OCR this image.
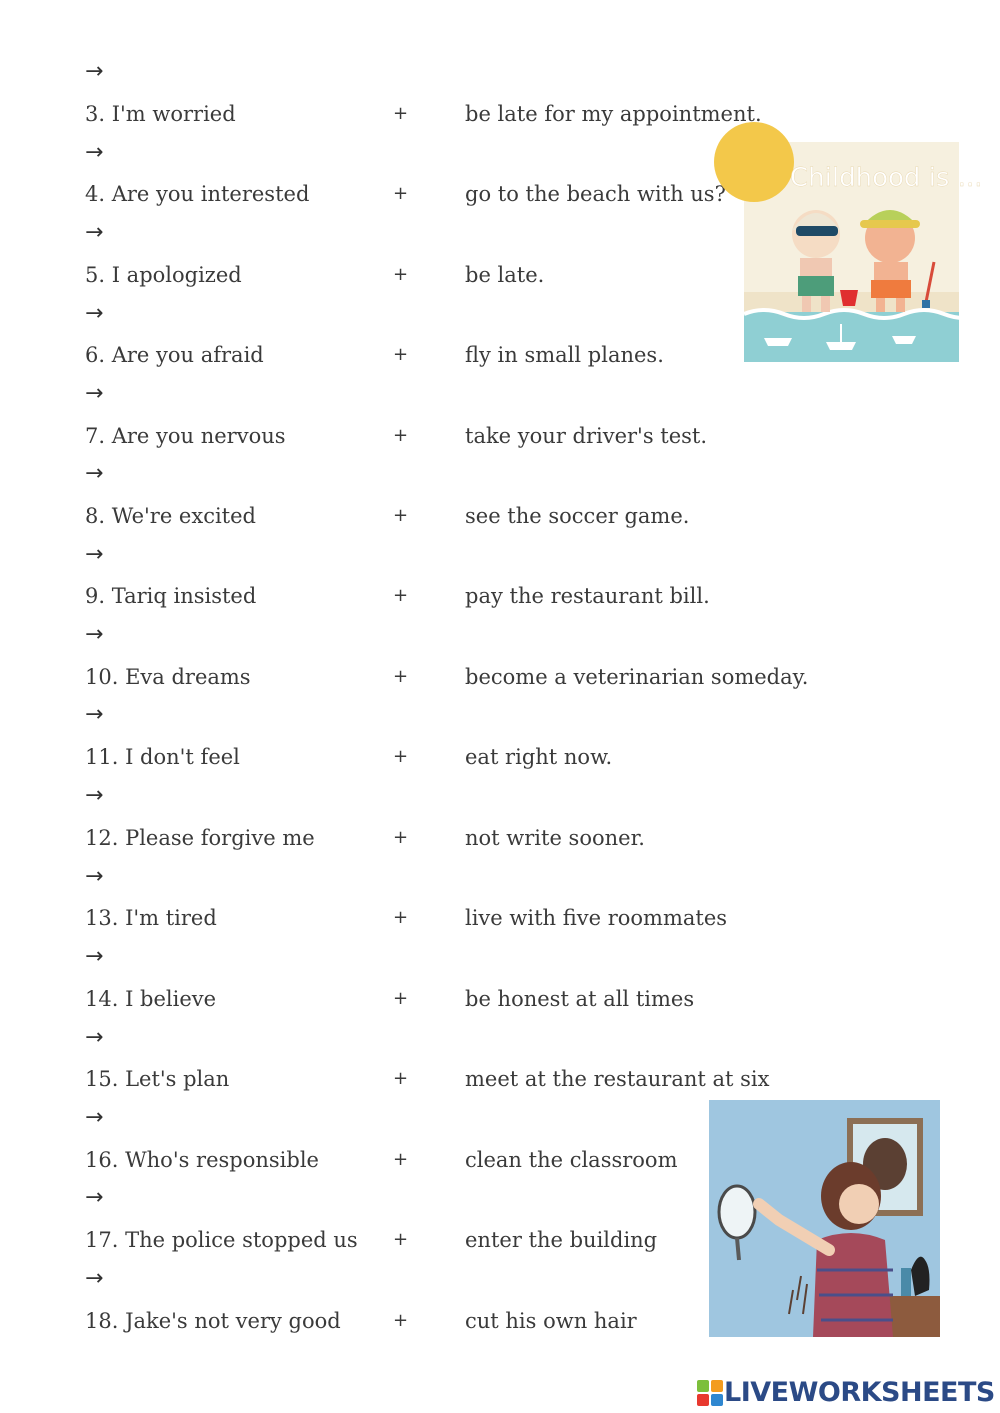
→
→
→
→
→
→
→
→
→
→
→
→
→
→
→
→
3. I'm worried	+	be late for my appointment.
4. Are you interested	+	go to the beach with us?
5. I apologized	+	be late.
6. Are you afraid	+	fly in small planes.
7. Are you nervous	+	take your driver's test.
8. We're excited	+	see the soccer game.
9. Tariq insisted	+	pay the restaurant bill.
10. Eva dreams	+	become a veterinarian someday.
11. I don't feel	+	eat right now.
12. Please forgive me	+	not write sooner.
13. I'm tired	+	live with five roommates
14. I believe	+	be honest at all times
15. Let's plan	+	meet at the restaurant at six
16. Who's responsible	+	clean the classroom
17. The police stopped us +	enter the building
18. Jake's not very good	+	cut his own hair
Childhood is ...
LIVEWORKSHEETS
